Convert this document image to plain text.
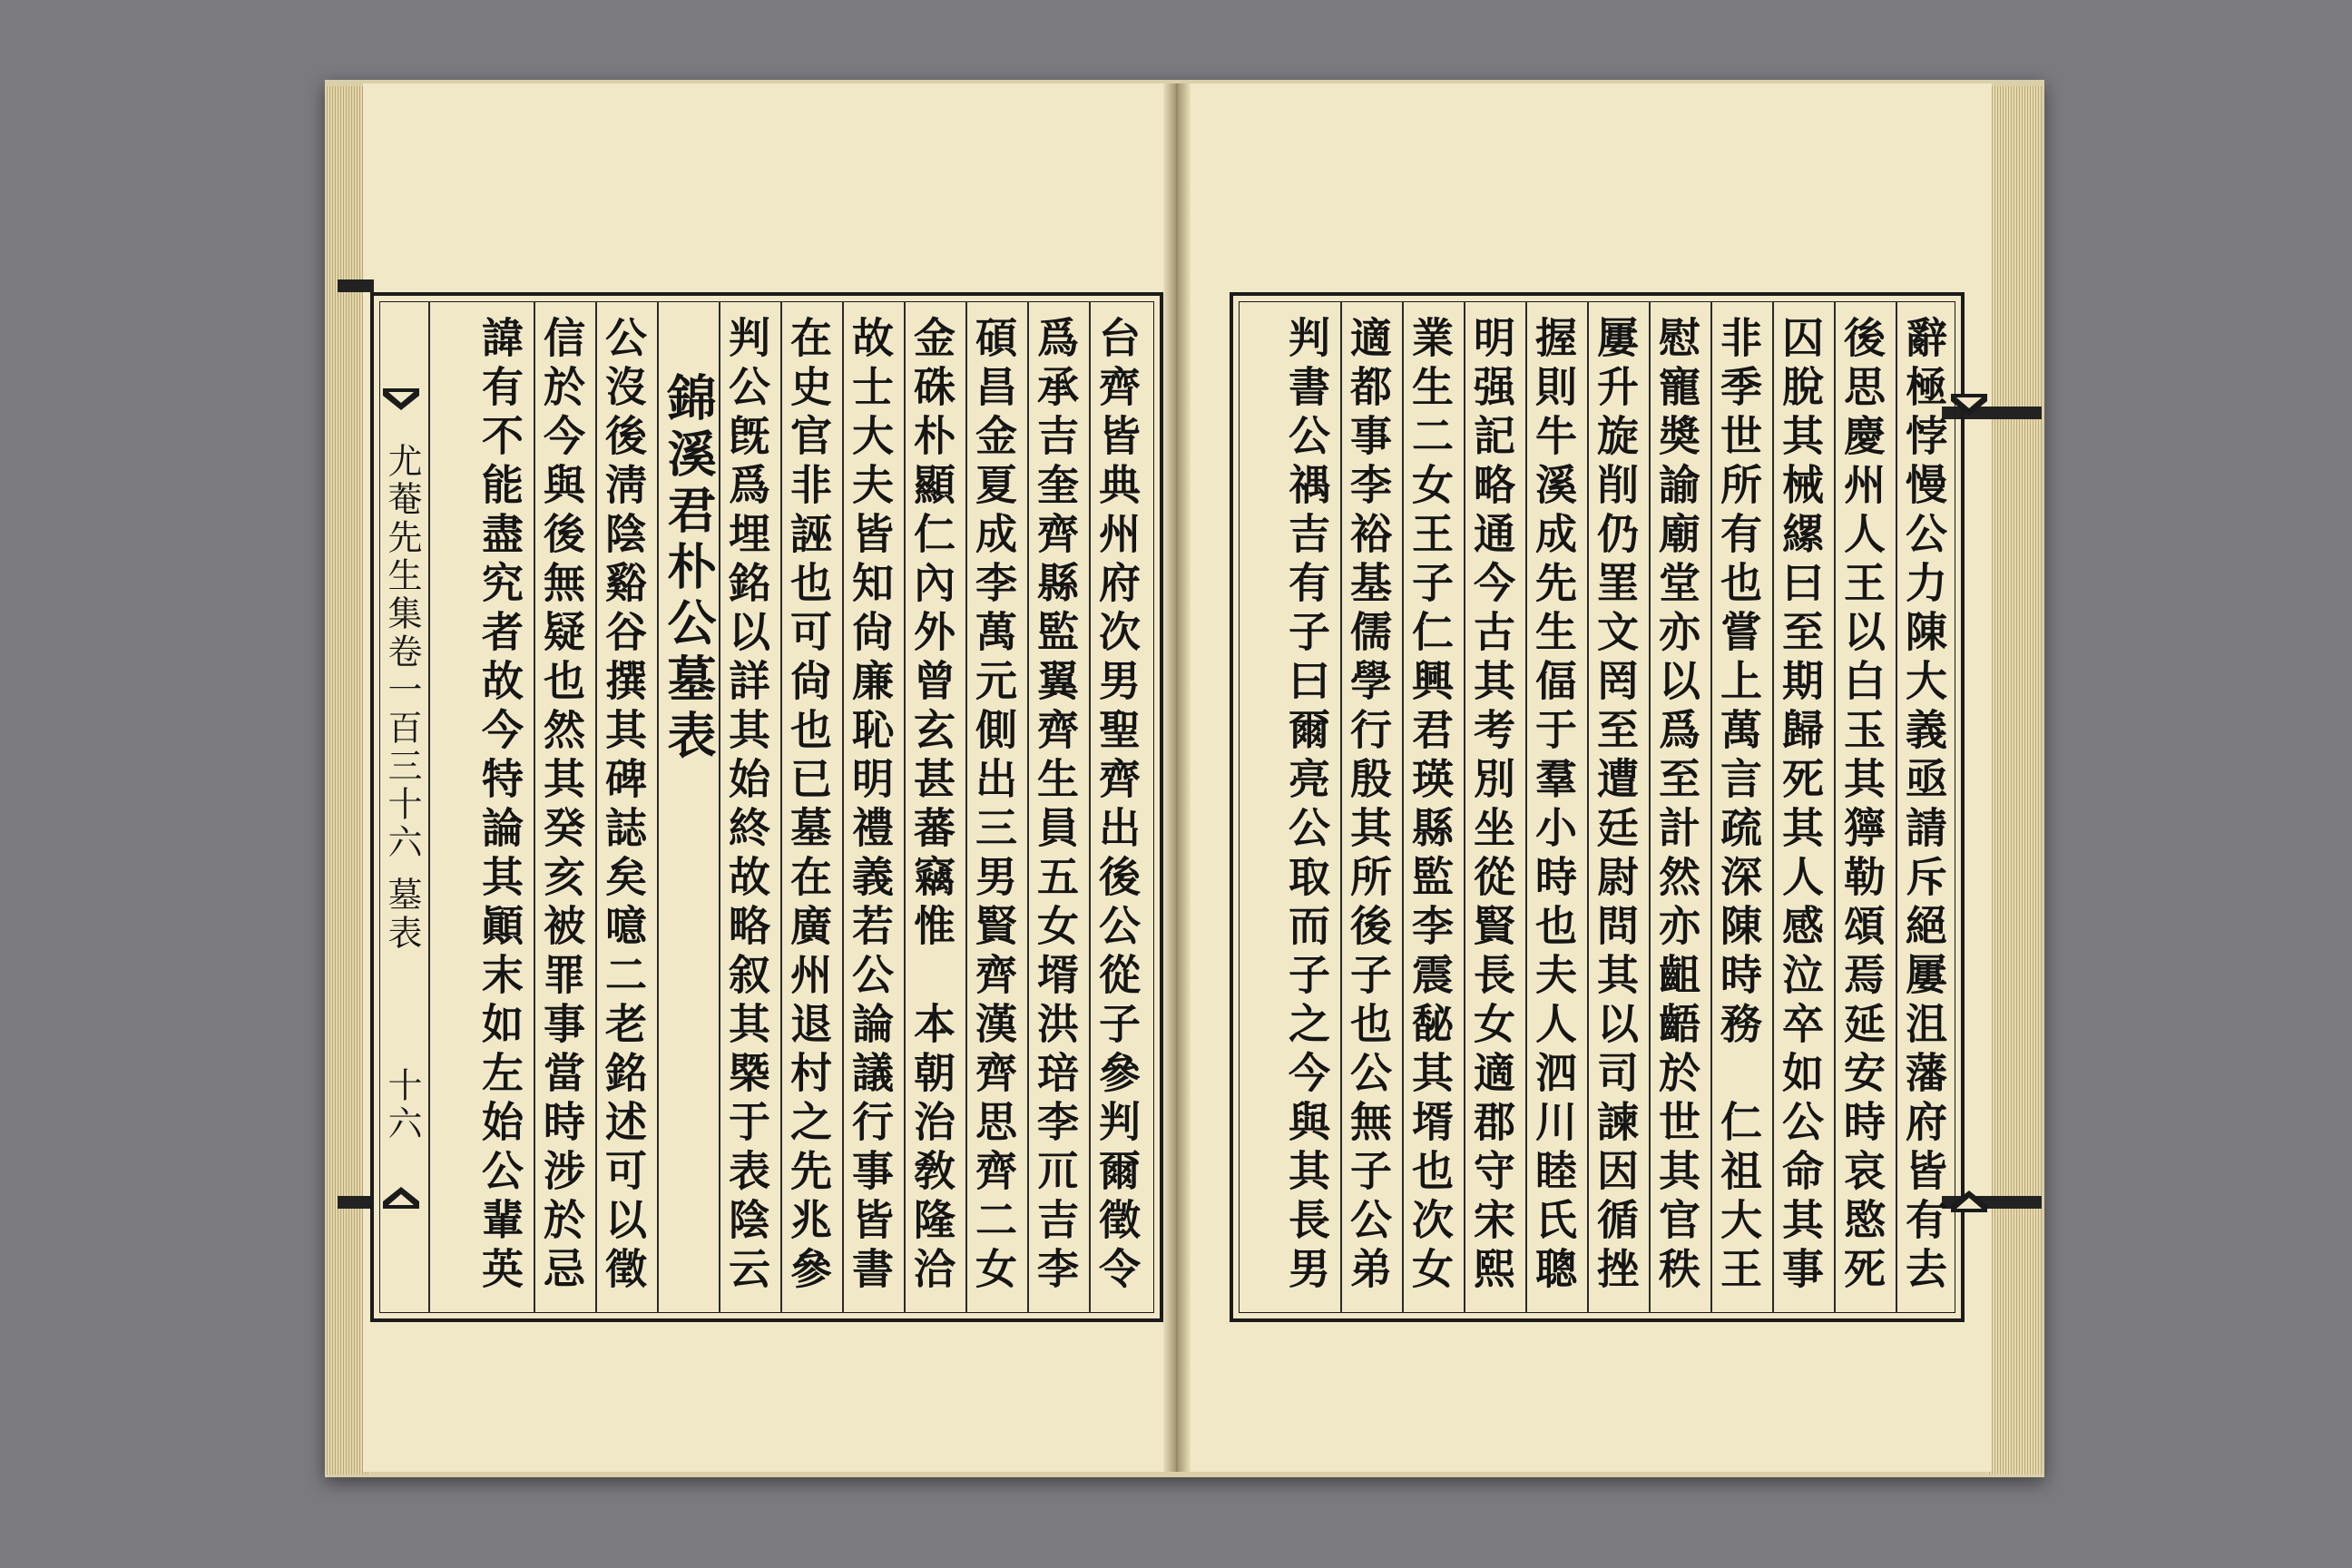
尤菴先生集卷一百三十六
墓表
十六	台齊皆典州府次男聖齊出後公從子參判爾徵令
爲承吉奎齊縣監翼齊生員五女壻洪琣李𥘅吉李
碩昌金夏成李萬元側出三男賢齊漢齊思齊二女
金硃朴顯仁內外曾玄甚蕃竊惟　本朝治敎隆洽
故士大夫皆知尙廉恥明禮義若公論議行事皆書
在史官非誣也可尙也已墓在廣州退村之先兆參
判公旣爲埋銘以詳其始終故略叙其槩于表陰云
　錦溪君朴公墓表
公沒後淸陰谿谷撰其碑誌矣噫二老銘述可以徵
信於今與後無疑也然其癸亥被罪事當時涉於忌
諱有不能盡究者故今特論其顚末如左始公輩英	辭極悖慢公力陳大義亟請斥絕屢沮藩府皆有去
後思慶州人王以白玉其獰勒頌焉延安時哀愍死
囚脫其械縲曰至期歸死其人感泣卒如公命其事
非季世所有也嘗上萬言疏深陳時務　仁祖大王
慰寵奬諭廟堂亦以爲至計然亦齟齬於世其官秩
屢升旋削仍罣文罔至遭廷尉問其以司諫因循挫
握則牛溪成先生偪于羣小時也夫人泗川睦氏聰
明强記略通今古其考別坐從賢長女適郡守宋熙
業生二女王子仁興君瑛縣監李震馝其壻也次女
適都事李裕基儒學行殷其所後子也公無子公弟
判書公禑吉有子曰爾亮公取而子之今與其長男
